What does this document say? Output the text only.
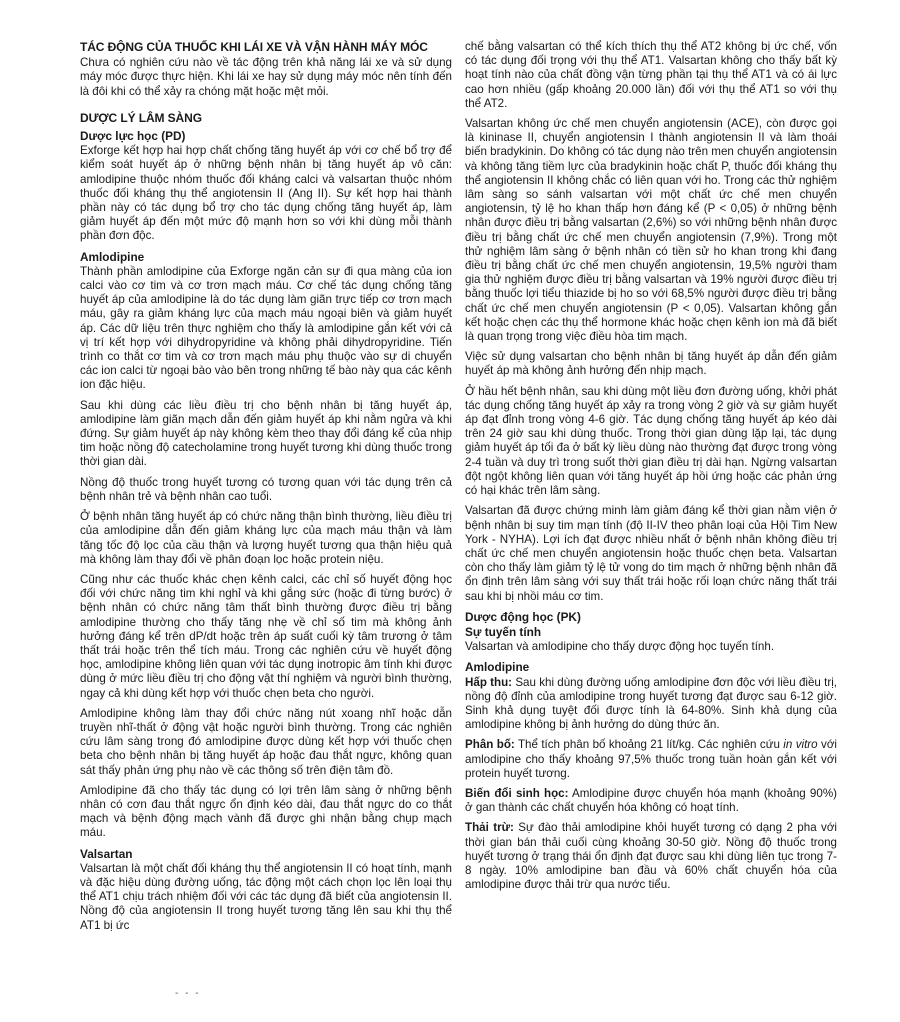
TÁC ĐỘNG CỦA THUỐC KHI LÁI XE VÀ VẬN HÀNH MÁY MÓC

Chưa có nghiên cứu nào về tác động trên khả năng lái xe và sử dụng máy móc được thực hiện. Khi lái xe hay sử dụng máy móc nên tính đến là đôi khi có thể xảy ra chóng mặt hoặc mệt mỏi.

DƯỢC LÝ LÂM SÀNG
Dược lực học (PD)

Exforge kết hợp hai hợp chất chống tăng huyết áp với cơ chế bổ trợ để kiểm soát huyết áp ở những bệnh nhân bị tăng huyết áp vô căn: amlodipine thuộc nhóm thuốc đối kháng calci và valsartan thuộc nhóm thuốc đối kháng thụ thể angiotensin II (Ang II). Sự kết hợp hai thành phần này có tác dụng bổ trợ cho tác dụng chống tăng huyết áp, làm giảm huyết áp đến một mức độ mạnh hơn so với khi dùng mỗi thành phần đơn độc.

Amlodipine

Thành phần amlodipine của Exforge ngăn cản sự đi qua màng của ion calci vào cơ tim và cơ trơn mạch máu. Cơ chế tác dụng chống tăng huyết áp của amlodipine là do tác dụng làm giãn trực tiếp cơ trơn mạch máu, gây ra giảm kháng lực của mạch máu ngoại biên và giảm huyết áp. Các dữ liệu trên thực nghiệm cho thấy là amlodipine gắn kết với cả vị trí kết hợp với dihydropyridine và không phải dihydropyridine. Tiến trình co thắt cơ tim và cơ trơn mạch máu phụ thuộc vào sự di chuyển các ion calci từ ngoại bào vào bên trong những tế bào này qua các kênh ion đặc hiệu.

Sau khi dùng các liều điều trị cho bệnh nhân bị tăng huyết áp, amlodipine làm giãn mạch dẫn đến giảm huyết áp khi nằm ngửa và khi đứng. Sự giảm huyết áp này không kèm theo thay đổi đáng kể của nhịp tim hoặc nồng độ catecholamine trong huyết tương khi dùng thuốc trong thời gian dài.

Nồng độ thuốc trong huyết tương có tương quan với tác dụng trên cả bệnh nhân trẻ và bệnh nhân cao tuổi.

Ở bệnh nhân tăng huyết áp có chức năng thận bình thường, liều điều trị của amlodipine dẫn đến giảm kháng lực của mạch máu thận và làm tăng tốc độ lọc của cầu thận và lượng huyết tương qua thận hiệu quả mà không làm thay đổi về phân đoạn lọc hoặc protein niệu.

Cũng như các thuốc khác chẹn kênh calci, các chỉ số huyết động học đối với chức năng tim khi nghỉ và khi gắng sức (hoặc đi từng bước) ở bệnh nhân có chức năng tâm thất bình thường được điều trị bằng amlodipine thường cho thấy tăng nhẹ về chỉ số tim mà không ảnh hưởng đáng kể trên dP/dt hoặc trên áp suất cuối kỳ tâm trương ở tâm thất trái hoặc trên thể tích máu. Trong các nghiên cứu về huyết động học, amlodipine không liên quan với tác dụng inotropic âm tính khi được dùng ở mức liều điều trị cho động vật thí nghiệm và người bình thường, ngay cả khi dùng kết hợp với thuốc chẹn beta cho người.

Amlodipine không làm thay đổi chức năng nút xoang nhĩ hoặc dẫn truyền nhĩ-thất ở động vật hoặc người bình thường. Trong các nghiên cứu lâm sàng trong đó amlodipine được dùng kết hợp với thuốc chẹn beta cho bệnh nhân bị tăng huyết áp hoặc đau thắt ngực, không quan sát thấy phản ứng phụ nào về các thông số trên điện tâm đồ.

Amlodipine đã cho thấy tác dụng có lợi trên lâm sàng ở những bệnh nhân có cơn đau thắt ngực ổn định kéo dài, đau thắt ngực do co thắt mạch và bệnh động mạch vành đã được ghi nhận bằng chụp mạch máu.

Valsartan

Valsartan là một chất đối kháng thụ thể angiotensin II có hoạt tính, mạnh và đặc hiệu dùng đường uống, tác động một cách chọn lọc lên loại thụ thể AT1 chịu trách nhiệm đối với các tác dụng đã biết của angiotensin II. Nồng độ của angiotensin II trong huyết tương tăng lên sau khi thụ thể AT1 bị ức

chế bằng valsartan có thể kích thích thụ thể AT2 không bị ức chế, vốn có tác dụng đối trọng với thụ thể AT1. Valsartan không cho thấy bất kỳ hoạt tính nào của chất đồng vận từng phần tại thụ thể AT1 và có ái lực cao hơn nhiều (gấp khoảng 20.000 lần) đối với thụ thể AT1 so với thụ thể AT2.

Valsartan không ức chế men chuyển angiotensin (ACE), còn được gọi là kininase II, chuyển angiotensin I thành angiotensin II và làm thoái biến bradykinin. Do không có tác dụng nào trên men chuyển angiotensin và không tăng tiềm lực của bradykinin hoặc chất P, thuốc đối kháng thụ thể angiotensin II không chắc có liên quan với ho. Trong các thử nghiệm lâm sàng so sánh valsartan với một chất ức chế men chuyển angiotensin, tỷ lệ ho khan thấp hơn đáng kể (P < 0,05) ở những bệnh nhân được điều trị bằng valsartan (2,6%) so với những bệnh nhân được điều trị bằng chất ức chế men chuyển angiotensin (7,9%). Trong một thử nghiệm lâm sàng ở bệnh nhân có tiền sử ho khan trong khi đang điều trị bằng chất ức chế men chuyển angiotensin, 19,5% người tham gia thử nghiệm được điều trị bằng valsartan và 19% người được điều trị bằng thuốc lợi tiểu thiazide bị ho so với 68,5% người được điều trị bằng chất ức chế men chuyển angiotensin (P < 0,05). Valsartan không gắn kết hoặc chẹn các thụ thể hormone khác hoặc chẹn kênh ion mà đã biết là quan trọng trong việc điều hòa tim mạch.

Việc sử dụng valsartan cho bệnh nhân bị tăng huyết áp dẫn đến giảm huyết áp mà không ảnh hưởng đến nhịp mạch.

Ở hầu hết bệnh nhân, sau khi dùng một liều đơn đường uống, khởi phát tác dụng chống tăng huyết áp xảy ra trong vòng 2 giờ và sự giảm huyết áp đạt đỉnh trong vòng 4-6 giờ. Tác dụng chống tăng huyết áp kéo dài trên 24 giờ sau khi dùng thuốc. Trong thời gian dùng lặp lại, tác dụng giảm huyết áp tối đa ở bất kỳ liều dùng nào thường đạt được trong vòng 2-4 tuần và duy trì trong suốt thời gian điều trị dài hạn. Ngừng valsartan đột ngột không liên quan với tăng huyết áp hồi ứng hoặc các phản ứng có hại khác trên lâm sàng.

Valsartan đã được chứng minh làm giảm đáng kể thời gian nằm viện ở bệnh nhân bị suy tim mạn tính (độ II-IV theo phân loại của Hội Tim New York - NYHA). Lợi ích đạt được nhiều nhất ở bệnh nhân không điều trị chất ức chế men chuyển angiotensin hoặc thuốc chẹn beta. Valsartan còn cho thấy làm giảm tỷ lệ tử vong do tim mạch ở những bệnh nhân đã ổn định trên lâm sàng với suy thất trái hoặc rối loạn chức năng thất trái sau khi bị nhồi máu cơ tim.

Dược động học (PK)
Sự tuyến tính

Valsartan và amlodipine cho thấy dược động học tuyến tính.

Amlodipine

Hấp thu: Sau khi dùng đường uống amlodipine đơn độc với liều điều trị, nồng độ đỉnh của amlodipine trong huyết tương đạt được sau 6-12 giờ. Sinh khả dụng tuyệt đối được tính là 64-80%. Sinh khả dụng của amlodipine không bị ảnh hưởng do dùng thức ăn.

Phân bố: Thể tích phân bố khoảng 21 lít/kg. Các nghiên cứu in vitro với amlodipine cho thấy khoảng 97,5% thuốc trong tuần hoàn gắn kết với protein huyết tương.

Biến đổi sinh học: Amlodipine được chuyển hóa mạnh (khoảng 90%) ở gan thành các chất chuyển hóa không có hoạt tính.

Thải trừ: Sự đào thải amlodipine khỏi huyết tương có dạng 2 pha với thời gian bán thải cuối cùng khoảng 30-50 giờ. Nồng độ thuốc trong huyết tương ở trạng thái ổn định đạt được sau khi dùng liên tục trong 7-8 ngày. 10% amlodipine ban đầu và 60% chất chuyển hóa của amlodipine được thải trừ qua nước tiểu.

- - -
